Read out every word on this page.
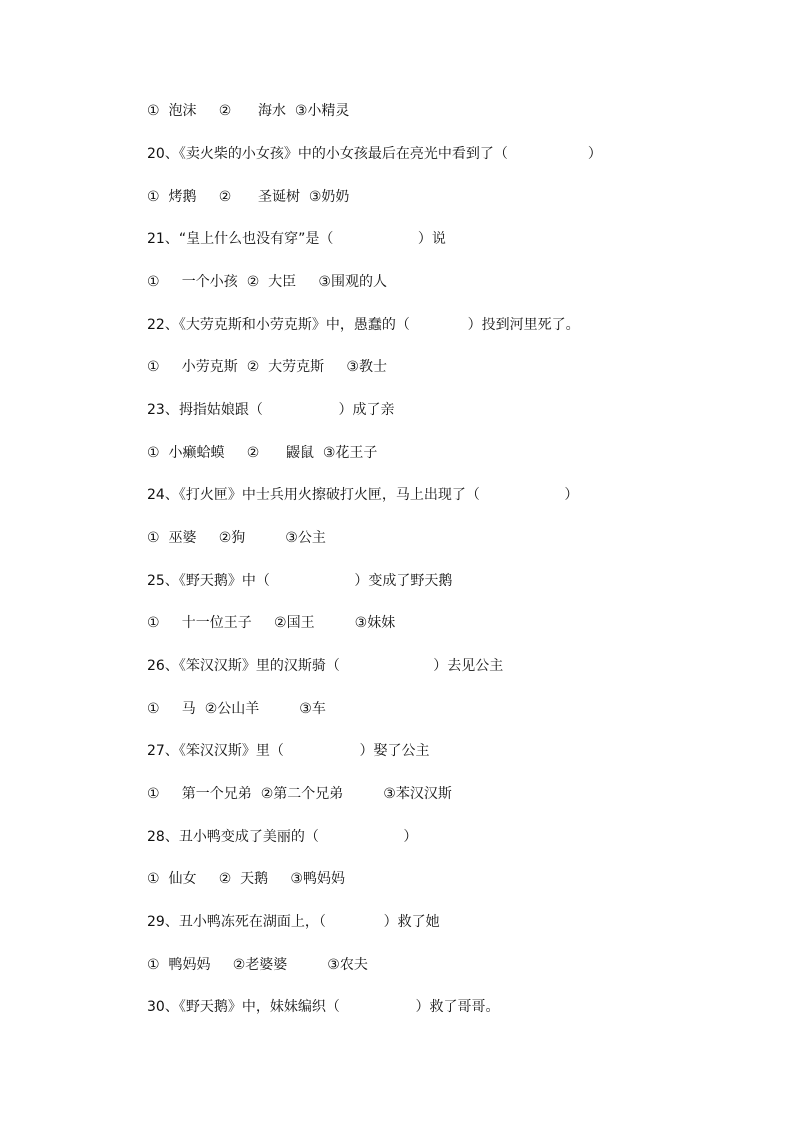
①  泡沫     ②      海水  ③小精灵
20、《卖火柴的小女孩》中的小女孩最后在亮光中看到了（                  ）
①  烤鹅     ②      圣诞树  ③奶奶
21、“皇上什么也没有穿”是（                   ）说
①     一个小孩  ②  大臣     ③围观的人
22、《大劳克斯和小劳克斯》中，愚蠢的（             ）投到河里死了。
①     小劳克斯  ②  大劳克斯     ③教士
23、拇指姑娘跟（                 ）成了亲
①  小癞蛤蟆     ②      鼹鼠  ③花王子
24、《打火匣》中士兵用火擦破打火匣，马上出现了（                   ）
①  巫婆     ②狗         ③公主
25、《野天鹅》中（                   ）变成了野天鹅
①     十一位王子     ②国王         ③妹妹
26、《笨汉汉斯》里的汉斯骑（                     ）去见公主
①     马  ②公山羊         ③车
27、《笨汉汉斯》里（                 ）娶了公主
①     第一个兄弟  ②第二个兄弟         ③苯汉汉斯
28、丑小鸭变成了美丽的（                   ）
①  仙女     ②  天鹅     ③鸭妈妈
29、丑小鸭冻死在湖面上，（             ）救了她
①  鸭妈妈     ②老婆婆         ③农夫
30、《野天鹅》中，妹妹编织（                 ）救了哥哥。
